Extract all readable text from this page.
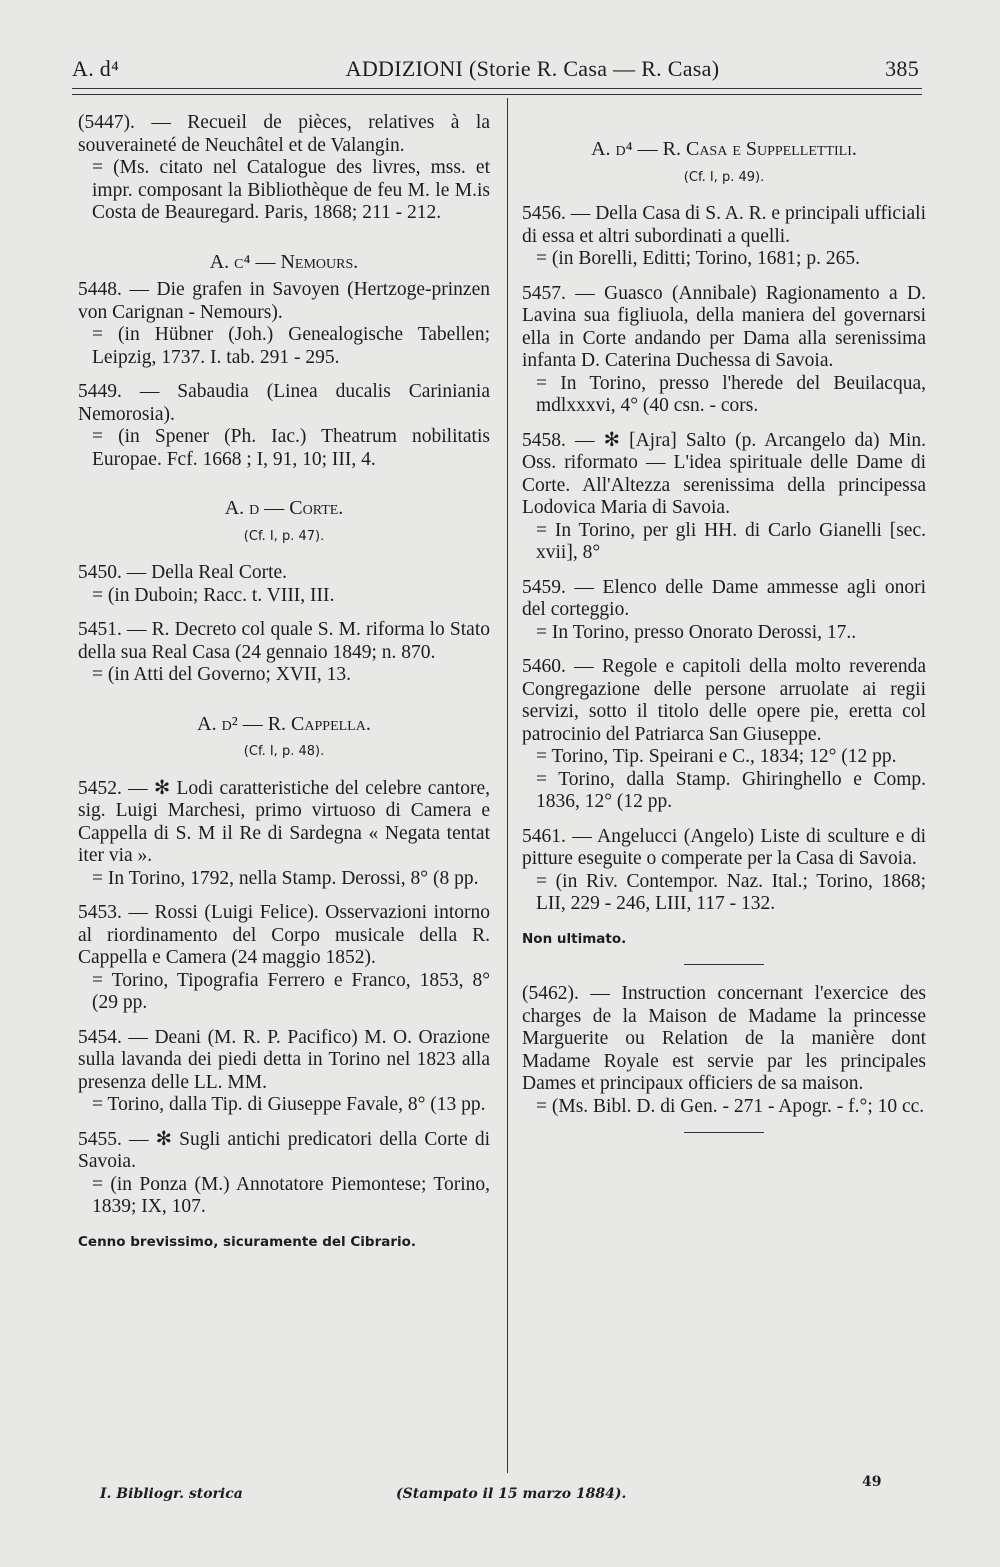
A. d⁴	ADDIZIONI (Storie R. Casa — R. Casa)	385
(5447). — Recueil de pièces, relatives à la souveraineté de Neuchâtel et de Valangin.
= (Ms. citato nel Catalogue des livres, mss. et impr. composant la Bibliothèque de feu M. le M.is Costa de Beauregard. Paris, 1868; 211 - 212.
A. c⁴ — Nemours.
5448. — Die grafen in Savoyen (Hertzoge-prinzen von Carignan - Nemours).
= (in Hübner (Joh.) Genealogische Tabellen; Leipzig, 1737. I. tab. 291 - 295.
5449. — Sabaudia (Linea ducalis Cariniania Nemorosia).
= (in Spener (Ph. Iac.) Theatrum nobilitatis Europae. Fcf. 1668 ; I, 91, 10; III, 4.
A. d — Corte.
(Cf. I, p. 47).
5450. — Della Real Corte.
= (in Duboin; Racc. t. VIII, III.
5451. — R. Decreto col quale S. M. riforma lo Stato della sua Real Casa (24 gennaio 1849; n. 870.
= (in Atti del Governo; XVII, 13.
A. d² — R. Cappella.
(Cf. I, p. 48).
5452. — ✻ Lodi caratteristiche del celebre cantore, sig. Luigi Marchesi, primo virtuoso di Camera e Cappella di S. M il Re di Sardegna « Negata tentat iter via ».
= In Torino, 1792, nella Stamp. Derossi, 8° (8 pp.
5453. — Rossi (Luigi Felice). Osservazioni intorno al riordinamento del Corpo musicale della R. Cappella e Camera (24 maggio 1852).
= Torino, Tipografia Ferrero e Franco, 1853, 8° (29 pp.
5454. — Deani (M. R. P. Pacifico) M. O. Orazione sulla lavanda dei piedi detta in Torino nel 1823 alla presenza delle LL. MM.
= Torino, dalla Tip. di Giuseppe Favale, 8° (13 pp.
5455. — ✻ Sugli antichi predicatori della Corte di Savoia.
= (in Ponza (M.) Annotatore Piemontese; Torino, 1839; IX, 107.
Cenno brevissimo, sicuramente del Cibrario.
A. d⁴ — R. Casa e Suppellettili.
(Cf. I, p. 49).
5456. — Della Casa di S. A. R. e principali ufficiali di essa et altri subordinati a quelli.
= (in Borelli, Editti; Torino, 1681; p. 265.
5457. — Guasco (Annibale) Ragionamento a D. Lavina sua figliuola, della maniera del governarsi ella in Corte andando per Dama alla serenissima infanta D. Caterina Duchessa di Savoia.
= In Torino, presso l'herede del Beuilacqua, mdlxxxvi, 4° (40 csn. - cors.
5458. — ✻ [Ajra] Salto (p. Arcangelo da) Min. Oss. riformato — L'idea spirituale delle Dame di Corte. All'Altezza serenissima della principessa Lodovica Maria di Savoia.
= In Torino, per gli HH. di Carlo Gianelli [sec. xvii], 8°
5459. — Elenco delle Dame ammesse agli onori del corteggio.
= In Torino, presso Onorato Derossi, 17..
5460. — Regole e capitoli della molto reverenda Congregazione delle persone arruolate ai regii servizi, sotto il titolo delle opere pie, eretta col patrocinio del Patriarca San Giuseppe.
= Torino, Tip. Speirani e C., 1834; 12° (12 pp.
= Torino, dalla Stamp. Ghiringhello e Comp. 1836, 12° (12 pp.
5461. — Angelucci (Angelo) Liste di sculture e di pitture eseguite o comperate per la Casa di Savoia.
= (in Riv. Contempor. Naz. Ital.; Torino, 1868; LII, 229 - 246, LIII, 117 - 132.
Non ultimato.
(5462). — Instruction concernant l'exercice des charges de la Maison de Madame la princesse Marguerite ou Relation de la manière dont Madame Royale est servie par les principales Dames et principaux officiers de sa maison.
= (Ms. Bibl. D. di Gen. - 271 - Apogr. - f.°; 10 cc.
I. Bibliogr. storica	(Stampato il 15 marzo 1884).
49
